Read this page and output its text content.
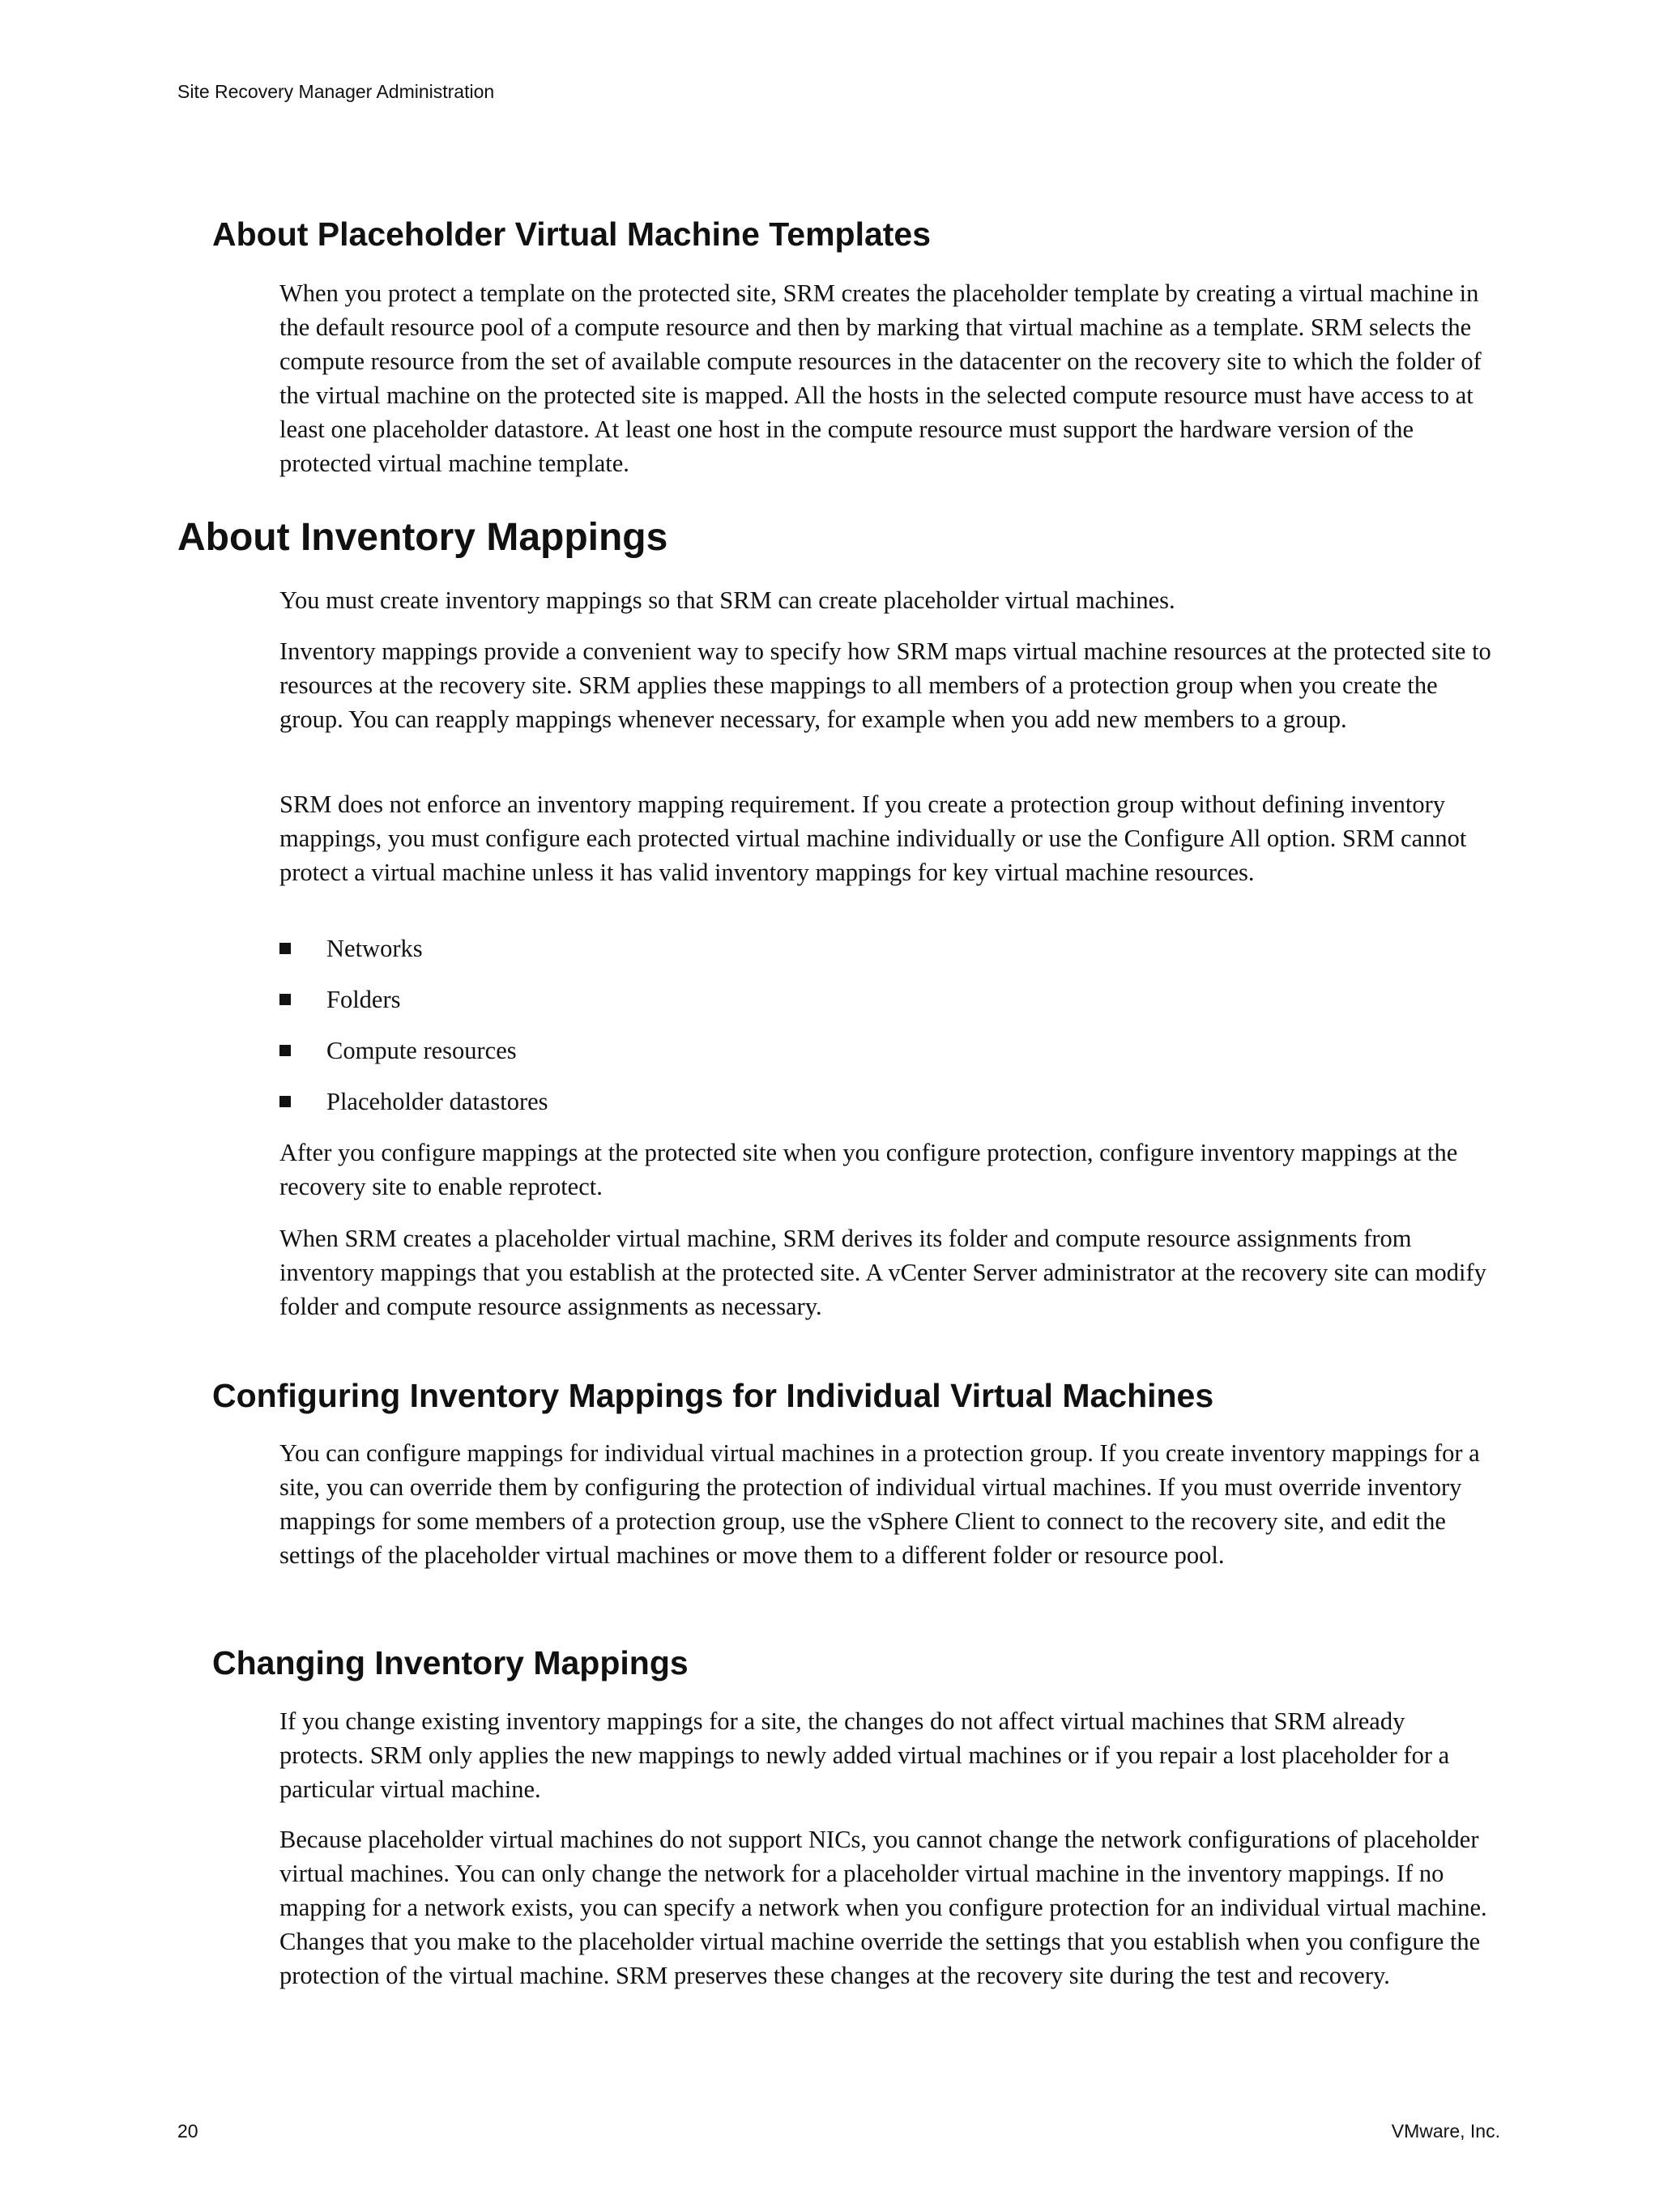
Site Recovery Manager Administration
About Placeholder Virtual Machine Templates

When you protect a template on the protected site, SRM creates the placeholder template by creating a virtual machine in the default resource pool of a compute resource and then by marking that virtual machine as a template. SRM selects the compute resource from the set of available compute resources in the datacenter on the recovery site to which the folder of the virtual machine on the protected site is mapped. All the hosts in the selected compute resource must have access to at least one placeholder datastore. At least one host in the compute resource must support the hardware version of the protected virtual machine template.

About Inventory Mappings

You must create inventory mappings so that SRM can create placeholder virtual machines.

Inventory mappings provide a convenient way to specify how SRM maps virtual machine resources at the protected site to resources at the recovery site. SRM applies these mappings to all members of a protection group when you create the group. You can reapply mappings whenever necessary, for example when you add new members to a group.

SRM does not enforce an inventory mapping requirement. If you create a protection group without defining inventory mappings, you must configure each protected virtual machine individually or use the Configure All option. SRM cannot protect a virtual machine unless it has valid inventory mappings for key virtual machine resources.

Networks
Folders
Compute resources
Placeholder datastores

After you configure mappings at the protected site when you configure protection, configure inventory mappings at the recovery site to enable reprotect.

When SRM creates a placeholder virtual machine, SRM derives its folder and compute resource assignments from inventory mappings that you establish at the protected site. A vCenter Server administrator at the recovery site can modify folder and compute resource assignments as necessary.

Configuring Inventory Mappings for Individual Virtual Machines

You can configure mappings for individual virtual machines in a protection group. If you create inventory mappings for a site, you can override them by configuring the protection of individual virtual machines. If you must override inventory mappings for some members of a protection group, use the vSphere Client to connect to the recovery site, and edit the settings of the placeholder virtual machines or move them to a different folder or resource pool.

Changing Inventory Mappings

If you change existing inventory mappings for a site, the changes do not affect virtual machines that SRM already protects. SRM only applies the new mappings to newly added virtual machines or if you repair a lost placeholder for a particular virtual machine.

Because placeholder virtual machines do not support NICs, you cannot change the network configurations of placeholder virtual machines. You can only change the network for a placeholder virtual machine in the inventory mappings. If no mapping for a network exists, you can specify a network when you configure protection for an individual virtual machine. Changes that you make to the placeholder virtual machine override the settings that you establish when you configure the protection of the virtual machine. SRM preserves these changes at the recovery site during the test and recovery.

20	VMware, Inc.
